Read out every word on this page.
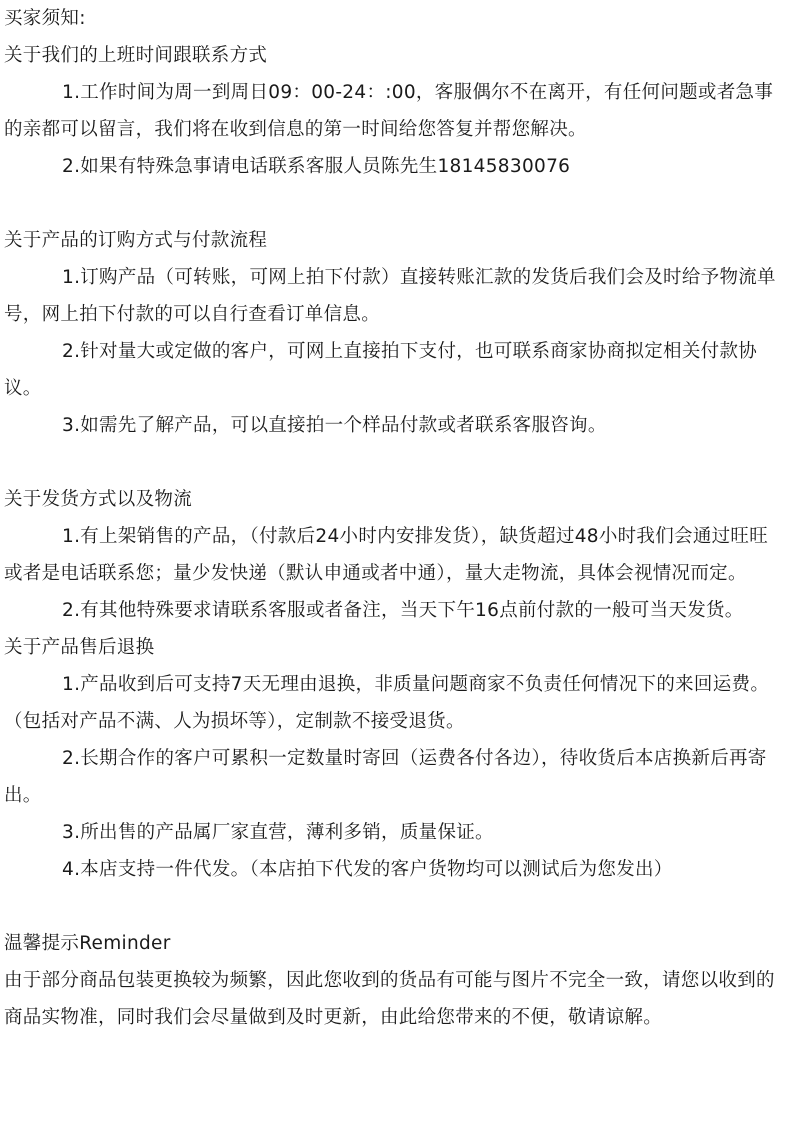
买家须知:

关于我们的上班时间跟联系方式

1.工作时间为周一到周日09：00-24：:00，客服偶尔不在离开，有任何问题或者急事的亲都可以留言，我们将在收到信息的第一时间给您答复并帮您解决。

2.如果有特殊急事请电话联系客服人员陈先生18145830076

关于产品的订购方式与付款流程

1.订购产品（可转账，可网上拍下付款）直接转账汇款的发货后我们会及时给予物流单号，网上拍下付款的可以自行查看订单信息。

2.针对量大或定做的客户，可网上直接拍下支付，也可联系商家协商拟定相关付款协议。

3.如需先了解产品，可以直接拍一个样品付款或者联系客服咨询。

关于发货方式以及物流

1.有上架销售的产品，（付款后24小时内安排发货），缺货超过48小时我们会通过旺旺或者是电话联系您；量少发快递（默认申通或者中通），量大走物流，具体会视情况而定。

2.有其他特殊要求请联系客服或者备注，当天下午16点前付款的一般可当天发货。

关于产品售后退换

1.产品收到后可支持7天无理由退换，非质量问题商家不负责任何情况下的来回运费。（包括对产品不满、人为损坏等），定制款不接受退货。

2.长期合作的客户可累积一定数量时寄回（运费各付各边），待收货后本店换新后再寄出。

3.所出售的产品属厂家直营，薄利多销，质量保证。

4.本店支持一件代发。（本店拍下代发的客户货物均可以测试后为您发出）

温馨提示Reminder

由于部分商品包装更换较为频繁，因此您收到的货品有可能与图片不完全一致，请您以收到的商品实物准，同时我们会尽量做到及时更新，由此给您带来的不便，敬请谅解。
